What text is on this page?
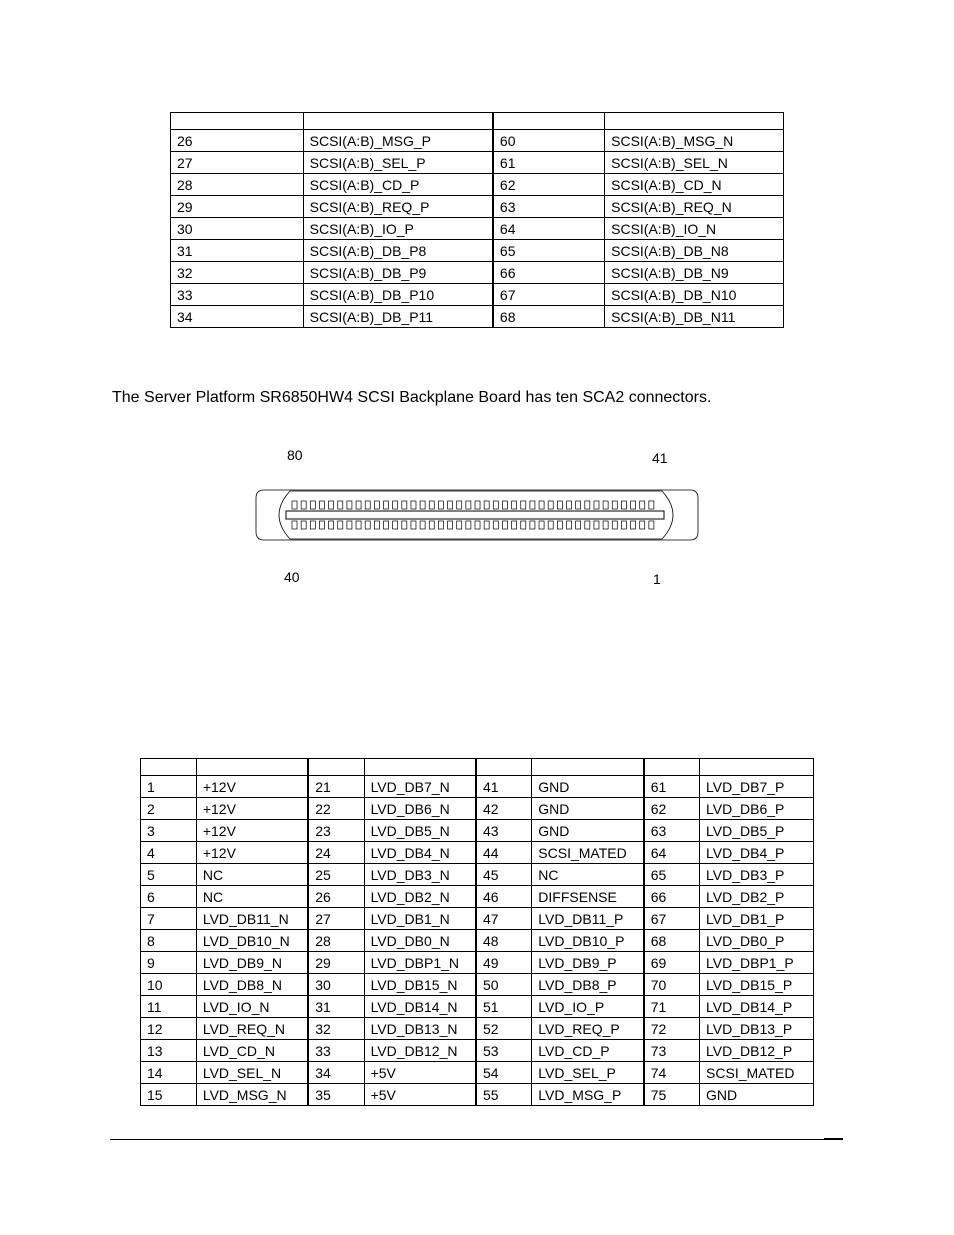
26	SCSI(A:B)_MSG_P	60	SCSI(A:B)_MSG_N
27	SCSI(A:B)_SEL_P	61	SCSI(A:B)_SEL_N
28	SCSI(A:B)_CD_P	62	SCSI(A:B)_CD_N
29	SCSI(A:B)_REQ_P	63	SCSI(A:B)_REQ_N
30	SCSI(A:B)_IO_P	64	SCSI(A:B)_IO_N
31	SCSI(A:B)_DB_P8	65	SCSI(A:B)_DB_N8
32	SCSI(A:B)_DB_P9	66	SCSI(A:B)_DB_N9
33	SCSI(A:B)_DB_P10	67	SCSI(A:B)_DB_N10
34	SCSI(A:B)_DB_P11	68	SCSI(A:B)_DB_N11
The Server Platform SR6850HW4 SCSI Backplane Board has ten SCA2 connectors.
80	41
40	1

1	+12V	21	LVD_DB7_N	41	GND	61	LVD_DB7_P
2	+12V	22	LVD_DB6_N	42	GND	62	LVD_DB6_P
3	+12V	23	LVD_DB5_N	43	GND	63	LVD_DB5_P
4	+12V	24	LVD_DB4_N	44	SCSI_MATED	64	LVD_DB4_P
5	NC	25	LVD_DB3_N	45	NC	65	LVD_DB3_P
6	NC	26	LVD_DB2_N	46	DIFFSENSE	66	LVD_DB2_P
7	LVD_DB11_N	27	LVD_DB1_N	47	LVD_DB11_P	67	LVD_DB1_P
8	LVD_DB10_N	28	LVD_DB0_N	48	LVD_DB10_P	68	LVD_DB0_P
9	LVD_DB9_N	29	LVD_DBP1_N	49	LVD_DB9_P	69	LVD_DBP1_P
10	LVD_DB8_N	30	LVD_DB15_N	50	LVD_DB8_P	70	LVD_DB15_P
11	LVD_IO_N	31	LVD_DB14_N	51	LVD_IO_P	71	LVD_DB14_P
12	LVD_REQ_N	32	LVD_DB13_N	52	LVD_REQ_P	72	LVD_DB13_P
13	LVD_CD_N	33	LVD_DB12_N	53	LVD_CD_P	73	LVD_DB12_P
14	LVD_SEL_N	34	+5V	54	LVD_SEL_P	74	SCSI_MATED
15	LVD_MSG_N	35	+5V	55	LVD_MSG_P	75	GND
